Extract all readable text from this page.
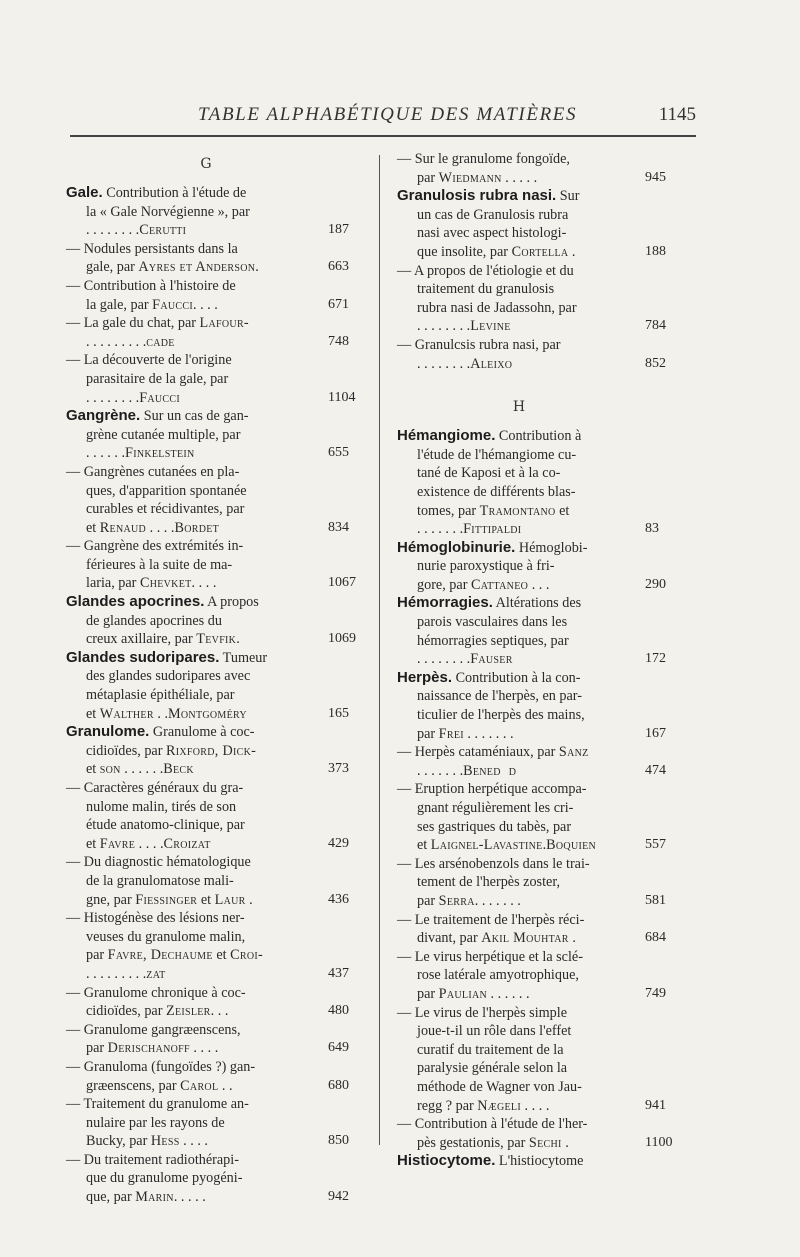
TABLE ALPHABÉTIQUE DES MATIÈRES	1145
G
Gale. Contribution à l'étude de
la « Gale Norvégienne », par
. . . . . . . .Cerutti	187
— Nodules persistants dans la
gale, par Ayres et Anderson.	663
— Contribution à l'histoire de
la gale, par Faucci. . . .	671
— La gale du chat, par Lafour-
. . . . . . . . .cade	748
— La découverte de l'origine
parasitaire de la gale, par
. . . . . . . .Faucci	1104
Gangrène. Sur un cas de gan-
grène cutanée multiple, par
. . . . . .Finkelstein	655
— Gangrènes cutanées en pla-
ques, d'apparition spontanée
curables et récidivantes, par
et Renaud . . . .Bordet	834
— Gangrène des extrémités in-
férieures à la suite de ma-
laria, par Chevket. . . .	1067
Glandes apocrines. A propos
de glandes apocrines du
creux axillaire, par Tevfik.	1069
Glandes sudoripares. Tumeur
des glandes sudoripares avec
métaplasie épithéliale, par
et Walther . .Montgoméry	165
Granulome. Granulome à coc-
cidioïdes, par Rixford, Dick-
et son . . . . . .Beck	373
— Caractères généraux du gra-
nulome malin, tirés de son
étude anatomo-clinique, par
et Favre . . . .Croizat	429
— Du diagnostic hématologique
de la granulomatose mali-
gne, par Fiessinger et Laur .	436
— Histogénèse des lésions ner-
veuses du granulome malin,
par Favre, Dechaume et Croi-
. . . . . . . . .zat	437
— Granulome chronique à coc-
cidioïdes, par Zeisler. . .	480
— Granulome gangræenscens,
par Derischanoff . . . .	649
— Granuloma (fungoïdes ?) gan-
græenscens, par Carol . .	680
— Traitement du granulome an-
nulaire par les rayons de
Bucky, par Hess . . . .	850
— Du traitement radiothérapi-
que du granulome pyogéni-
que, par Marin. . . . .	942
— Sur le granulome fongoïde,
par Wiedmann . . . . .	945
Granulosis rubra nasi. Sur
un cas de Granulosis rubra
nasi avec aspect histologi-
que insolite, par Cortella .	188
— A propos de l'étiologie et du
traitement du granulosis
rubra nasi de Jadassohn, par
. . . . . . . .Levine	784
— Granulcsis rubra nasi, par
. . . . . . . .Aleixo	852
H
Hémangiome. Contribution à
l'étude de l'hémangiome cu-
tané de Kaposi et à la co-
existence de différents blas-
tomes, par Tramontano et
. . . . . . .Fittipaldi	83
Hémoglobinurie. Hémoglobi-
nurie paroxystique à fri-
gore, par Cattaneo . . .	290
Hémorragies. Altérations des
parois vasculaires dans les
hémorragies septiques, par
. . . . . . . .Fauser	172
Herpès. Contribution à la con-
naissance de l'herpès, en par-
ticulier de l'herpès des mains,
par Frei . . . . . . .	167
— Herpès cataméniaux, par Sanz
. . . . . . .Benedɪd	474
— Eruption herpétique accompa-
gnant régulièrement les cri-
ses gastriques du tabès, par
et Laignel-Lavastine.Boquien	557
— Les arsénobenzols dans le trai-
tement de l'herpès zoster,
par Serra. . . . . . .	581
— Le traitement de l'herpès réci-
divant, par Akil Mouhtar .	684
— Le virus herpétique et la sclé-
rose latérale amyotrophique,
par Paulian . . . . . .	749
— Le virus de l'herpès simple
joue-t-il un rôle dans l'effet
curatif du traitement de la
paralysie générale selon la
méthode de Wagner von Jau-
regg ? par Nægeli . . . .	941
— Contribution à l'étude de l'her-
pès gestationis, par Sechi .	1100
Histiocytome. L'histiocytome
